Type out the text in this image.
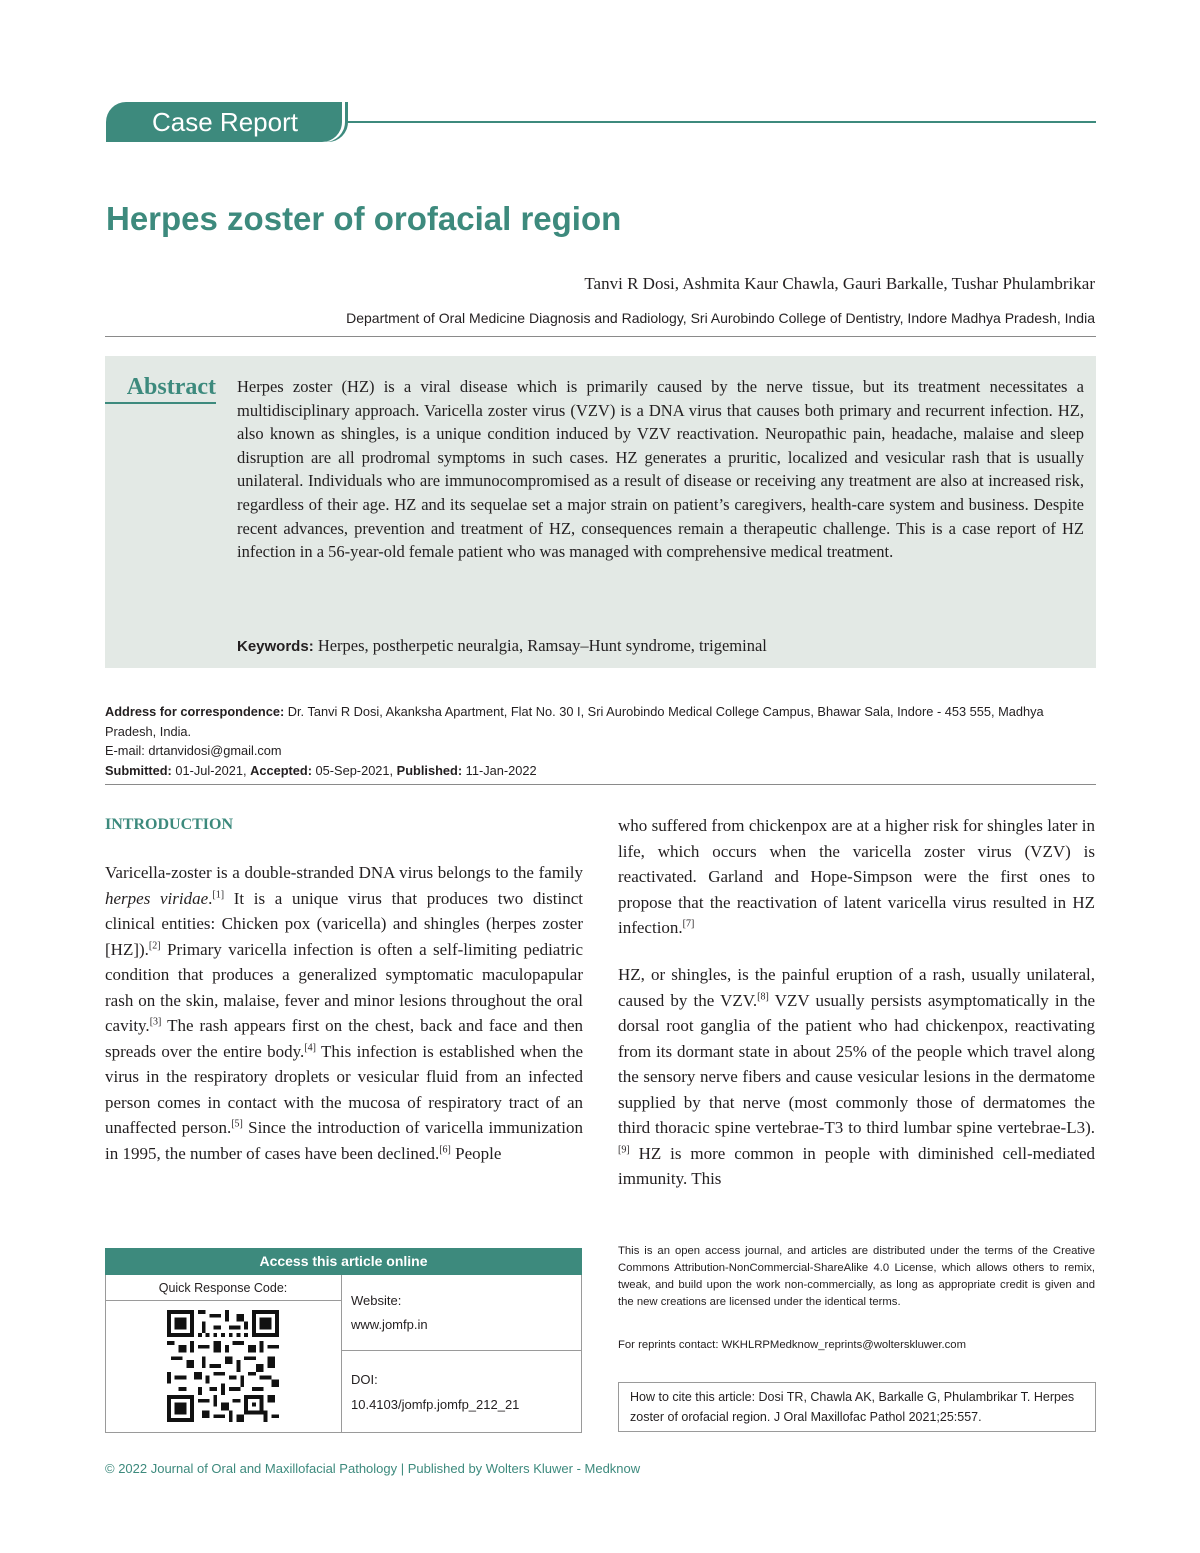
Case Report
Herpes zoster of orofacial region
Tanvi R Dosi, Ashmita Kaur Chawla, Gauri Barkalle, Tushar Phulambrikar
Department of Oral Medicine Diagnosis and Radiology, Sri Aurobindo College of Dentistry, Indore Madhya Pradesh, India
Abstract Herpes zoster (HZ) is a viral disease which is primarily caused by the nerve tissue, but its treatment necessitates a multidisciplinary approach. Varicella zoster virus (VZV) is a DNA virus that causes both primary and recurrent infection. HZ, also known as shingles, is a unique condition induced by VZV reactivation. Neuropathic pain, headache, malaise and sleep disruption are all prodromal symptoms in such cases. HZ generates a pruritic, localized and vesicular rash that is usually unilateral. Individuals who are immunocompromised as a result of disease or receiving any treatment are also at increased risk, regardless of their age. HZ and its sequelae set a major strain on patient’s caregivers, health-care system and business. Despite recent advances, prevention and treatment of HZ, consequences remain a therapeutic challenge. This is a case report of HZ infection in a 56-year-old female patient who was managed with comprehensive medical treatment.

Keywords: Herpes, postherpetic neuralgia, Ramsay–Hunt syndrome, trigeminal
Address for correspondence: Dr. Tanvi R Dosi, Akanksha Apartment, Flat No. 30 I, Sri Aurobindo Medical College Campus, Bhawar Sala, Indore - 453 555, Madhya Pradesh, India.
E-mail: drtanvidosi@gmail.com
Submitted: 01-Jul-2021, Accepted: 05-Sep-2021, Published: 11-Jan-2022
INTRODUCTION

Varicella-zoster is a double-stranded DNA virus belongs to the family herpes viridae.[1] It is a unique virus that produces two distinct clinical entities: Chicken pox (varicella) and shingles (herpes zoster [HZ]).[2] Primary varicella infection is often a self-limiting pediatric condition that produces a generalized symptomatic maculopapular rash on the skin, malaise, fever and minor lesions throughout the oral cavity.[3] The rash appears first on the chest, back and face and then spreads over the entire body.[4] This infection is established when the virus in the respiratory droplets or vesicular fluid from an infected person comes in contact with the mucosa of respiratory tract of an unaffected person.[5] Since the introduction of varicella immunization in 1995, the number of cases have been declined.[6] People

who suffered from chickenpox are at a higher risk for shingles later in life, which occurs when the varicella zoster virus (VZV) is reactivated. Garland and Hope-Simpson were the first ones to propose that the reactivation of latent varicella virus resulted in HZ infection.[7]

HZ, or shingles, is the painful eruption of a rash, usually unilateral, caused by the VZV.[8] VZV usually persists asymptomatically in the dorsal root ganglia of the patient who had chickenpox, reactivating from its dormant state in about 25% of the people which travel along the sensory nerve fibers and cause vesicular lesions in the dermatome supplied by that nerve (most commonly those of dermatomes the third thoracic spine vertebrae-T3 to third lumbar spine vertebrae-L3).[9] HZ is more common in people with diminished cell-mediated immunity. This

Access this article online
Quick Response Code:
Website:
www.jomfp.in
DOI:
10.4103/jomfp.jomfp_212_21

This is an open access journal, and articles are distributed under the terms of the Creative Commons Attribution-NonCommercial-ShareAlike 4.0 License, which allows others to remix, tweak, and build upon the work non-commercially, as long as appropriate credit is given and the new creations are licensed under the identical terms.

For reprints contact: WKHLRPMedknow_reprints@wolterskluwer.com

How to cite this article: Dosi TR, Chawla AK, Barkalle G, Phulambrikar T. Herpes zoster of orofacial region. J Oral Maxillofac Pathol 2021;25:557.

© 2022 Journal of Oral and Maxillofacial Pathology | Published by Wolters Kluwer - Medknow
